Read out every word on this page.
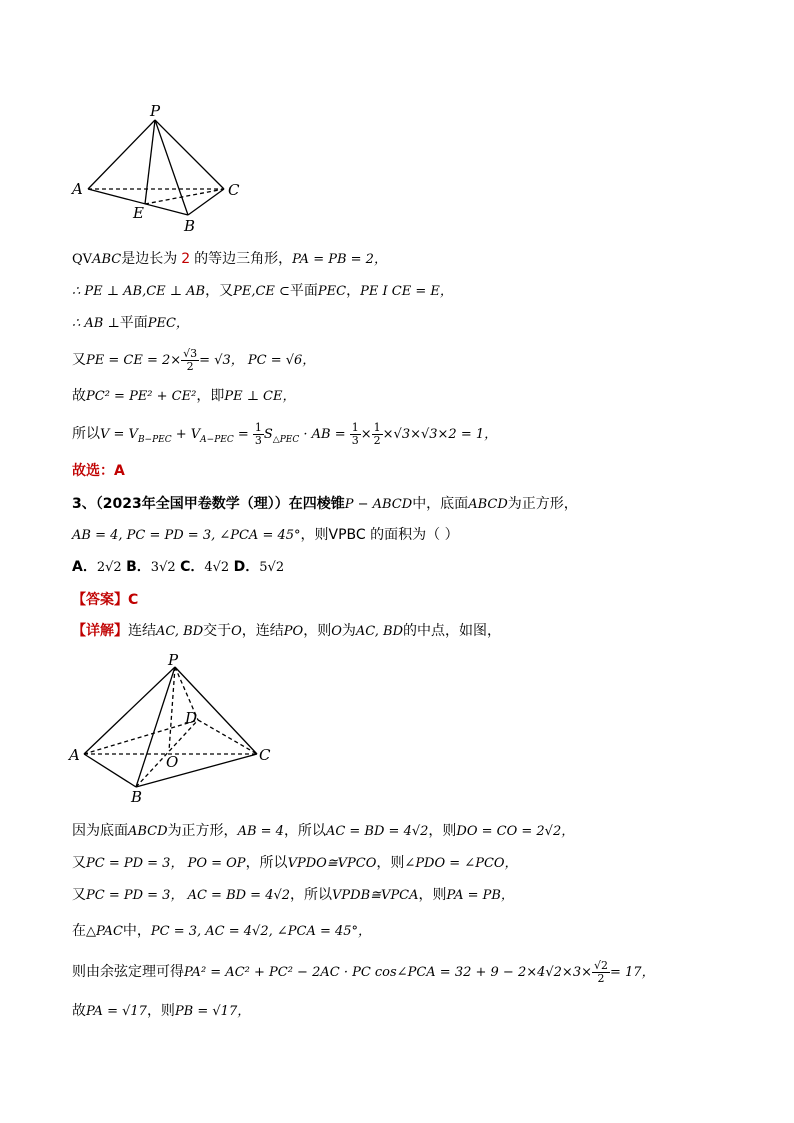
P
A	C
E
B
QVABC是边长为 2 的等边三角形，PA = PB = 2，
∴ PE ⊥ AB,CE ⊥ AB，又PE,CE ⊂平面PEC，PE I CE = E，
∴ AB ⊥平面PEC，
又PE = CE = $2\times \frac{√3}{2} = √3$， PC = √6，
故PC² = PE² + CE²，即PE ⊥ CE，
所以$V = V_{B-PEC} + V_{A-PEC} = \frac{1}{3} S_{\triangle PEC}$ · AB = $\frac{1}{3} \times \frac{1}{2} \times√3\times√3\times 2 = 1$，
故选：A
3、（2023年全国甲卷数学（理））在四棱锥P − ABCD中，底面ABCD为正方形，
AB = 4, PC = PD = 3, ∠PCA = 45°，则VPBC 的面积为（ ）
A．2√2 B．3√2 C．4√2 D．5√2
【答案】C
【详解】连结AC, BD交于O，连结PO，则O为AC, BD的中点，如图，
P
D
A	O	C
B
因为底面ABCD为正方形，AB = 4，所以AC = BD = 4√2，则DO = CO = 2√2，
又PC = PD = 3， PO = OP，所以VPDO≅VPCO，则∠PDO = ∠PCO，
又PC = PD = 3， AC = BD = 4√2，所以VPDB≅VPCA，则PA = PB，
在△PAC中，PC = 3, AC = 4√2, ∠PCA = 45°，
则由余弦定理可得PA² = AC² + PC² − 2AC · PC cos∠PCA = $32 + 9 - 2\times 4√2\times 3\times \frac{√2}{2} = 17$，
故PA = √17，则PB = √17，
